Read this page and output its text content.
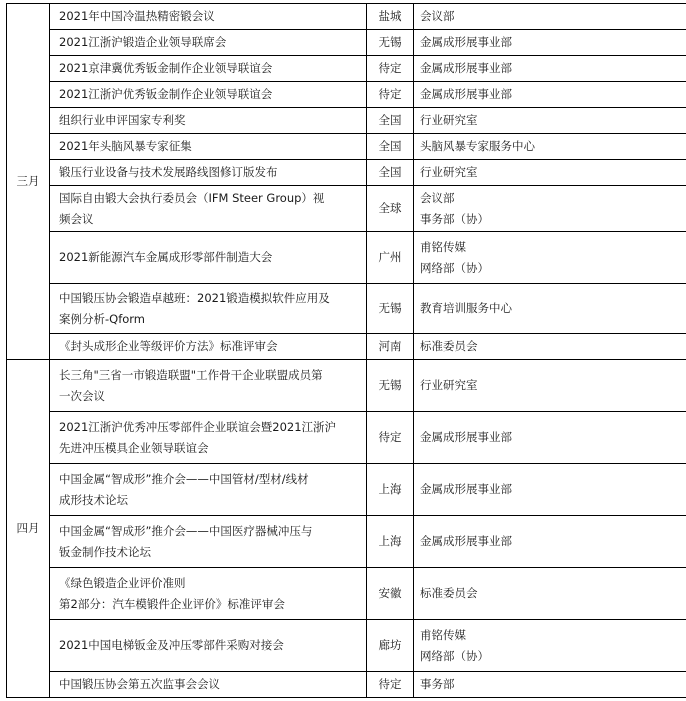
三月	2021年中国冷温热精密锻会议	盐城	会议部

	2021江浙沪锻造企业领导联席会	无锡	金属成形展事业部

	2021京津冀优秀钣金制作企业领导联谊会	待定	金属成形展事业部

	2021江浙沪优秀钣金制作企业领导联谊会	待定	金属成形展事业部

	组织行业申评国家专利奖	全国	行业研究室

	2021年头脑风暴专家征集	全国	头脑风暴专家服务中心

	锻压行业设备与技术发展路线图修订版发布	全国	行业研究室

	国际自由锻大会执行委员会（IFM Steer Group）视
频会议	全球	会议部
事务部（协）

	2021新能源汽车金属成形零部件制造大会	广州	甫铭传媒
网络部（协）

	中国锻压协会锻造卓越班：2021锻造模拟软件应用及
案例分析-Qform	无锡	教育培训服务中心

	《封头成形企业等级评价方法》标准评审会	河南	标准委员会

四月	长三角"三省一市锻造联盟"工作骨干企业联盟成员第
一次会议	无锡	行业研究室

	2021江浙沪优秀冲压零部件企业联谊会暨2021江浙沪
先进冲压模具企业领导联谊会	待定	金属成形展事业部

	中国金属“智成形”推介会——中国管材/型材/线材
成形技术论坛	上海	金属成形展事业部

	中国金属“智成形”推介会——中国医疗器械冲压与
钣金制作技术论坛	上海	金属成形展事业部

	《绿色锻造企业评价准则
第2部分：汽车模锻件企业评价》标准评审会	安徽	标准委员会

	2021中国电梯钣金及冲压零部件采购对接会	廊坊	甫铭传媒
网络部（协）

	中国锻压协会第五次监事会会议	待定	事务部
